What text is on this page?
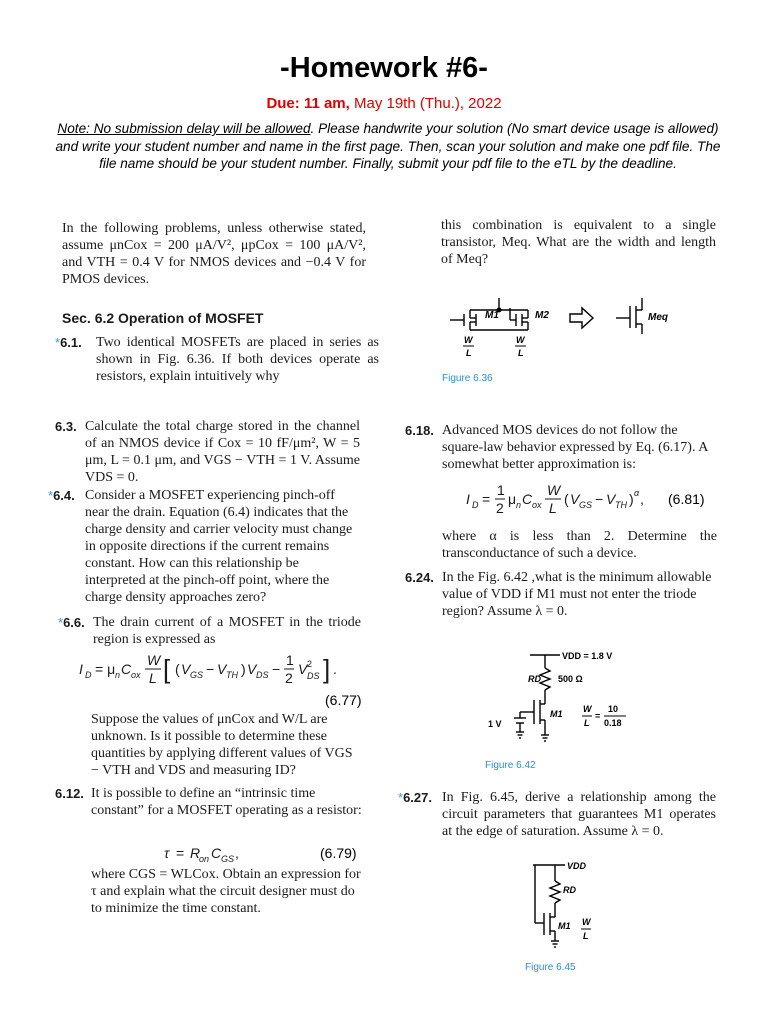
-Homework #6-
Due: 11 am, May 19th (Thu.), 2022
Note: No submission delay will be allowed. Please handwrite your solution (No smart device usage is allowed) and write your student number and name in the first page. Then, scan your solution and make one pdf file. The file name should be your student number. Finally, submit your pdf file to the eTL by the deadline.
In the following problems, unless otherwise stated, assume μnCox = 200 μA/V², μpCox = 100 μA/V², and VTH = 0.4 V for NMOS devices and −0.4 V for PMOS devices.
Sec. 6.2 Operation of MOSFET
*6.1. Two identical MOSFETs are placed in series as shown in Fig. 6.36. If both devices operate as resistors, explain intuitively why
this combination is equivalent to a single transistor, Meq. What are the width and length of Meq?
M1	M2	Meq
W
L
W
L
Figure 6.36
6.3. Calculate the total charge stored in the channel of an NMOS device if Cox = 10 fF/μm², W = 5 μm, L = 0.1 μm, and VGS − VTH = 1 V. Assume VDS = 0.
*6.4. Consider a MOSFET experiencing pinch-off near the drain. Equation (6.4) indicates that the charge density and carrier velocity must change in opposite directions if the current remains constant. How can this relationship be interpreted at the pinch-off point, where the charge density approaches zero?
*6.6. The drain current of a MOSFET in the triode region is expressed as
I D = μ n C ox
W
L [ ( V GS − V TH ) V DS −
1
2
V 2
DS ] .
(6.77)
Suppose the values of μnCox and W/L are unknown. Is it possible to determine these quantities by applying different values of VGS − VTH and VDS and measuring ID?
6.12. It is possible to define an “intrinsic time constant” for a MOSFET operating as a resistor:
τ = R
on C GS ,	(6.79)
where CGS = WLCox. Obtain an expression for τ and explain what the circuit designer must do to minimize the time constant.
6.18. Advanced MOS devices do not follow the square-law behavior expressed by Eq. (6.17). A somewhat better approximation is:
I D =
1
2
μ n C ox
W
L
( V GS − V TH ) α , (6.81)
where α is less than 2. Determine the transconductance of such a device.
6.24. In the Fig. 6.42 ,what is the minimum allowable value of VDD if M1 must not enter the triode region? Assume λ = 0.
VDD = 1.8 V
RD 500 Ω
M1 W
L
=
10
0.18
1 V
Figure 6.42
*6.27. In Fig. 6.45, derive a relationship among the circuit parameters that guarantees M1 operates at the edge of saturation. Assume λ = 0.
VDD
RD
M1 W
L
Figure 6.45
